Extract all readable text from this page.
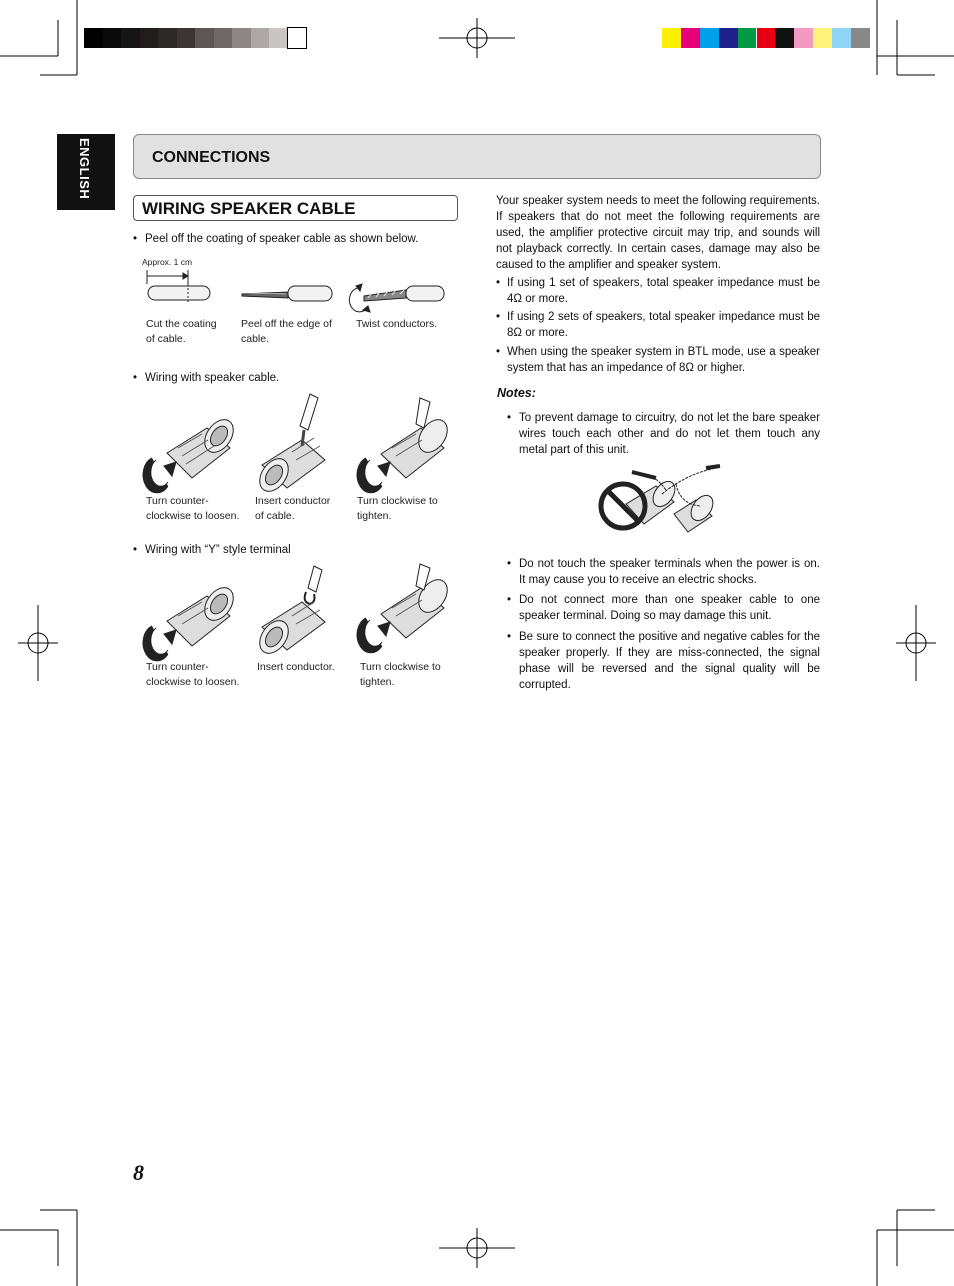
ENGLISH	CONNECTIONS
WIRING SPEAKER CABLE
• Peel off the coating of speaker cable as shown below.
Approx. 1 cm
Cut the coating of cable.
Peel off the edge of cable.
Twist conductors.
• Wiring with speaker cable.
Turn counter-clockwise to loosen.
Insert conductor of cable.
Turn clockwise to tighten.
• Wiring with “Y” style terminal
Turn counter-clockwise to loosen.
Insert conductor.	Turn clockwise to tighten.
Your speaker system needs to meet the following requirements. If speakers that do not meet the following requirements are used, the amplifier protective circuit may trip, and sounds will not playback correctly. In certain cases, damage may also be caused to the amplifier and speaker system.
• If using 1 set of speakers, total speaker impedance must be 4Ω or more.
• If using 2 sets of speakers, total speaker impedance must be 8Ω or more.
• When using the speaker system in BTL mode, use a speaker system that has an impedance of 8Ω or higher.
Notes:
• To prevent damage to circuitry, do not let the bare speaker wires touch each other and do not let them touch any metal part of this unit.
• Do not touch the speaker terminals when the power is on. It may cause you to receive an electric shocks.
• Do not connect more than one speaker cable to one speaker terminal. Doing so may damage this unit.
• Be sure to connect the positive and negative cables for the speaker properly. If they are miss-connected, the signal phase will be reversed and the signal quality will be corrupted.
8
